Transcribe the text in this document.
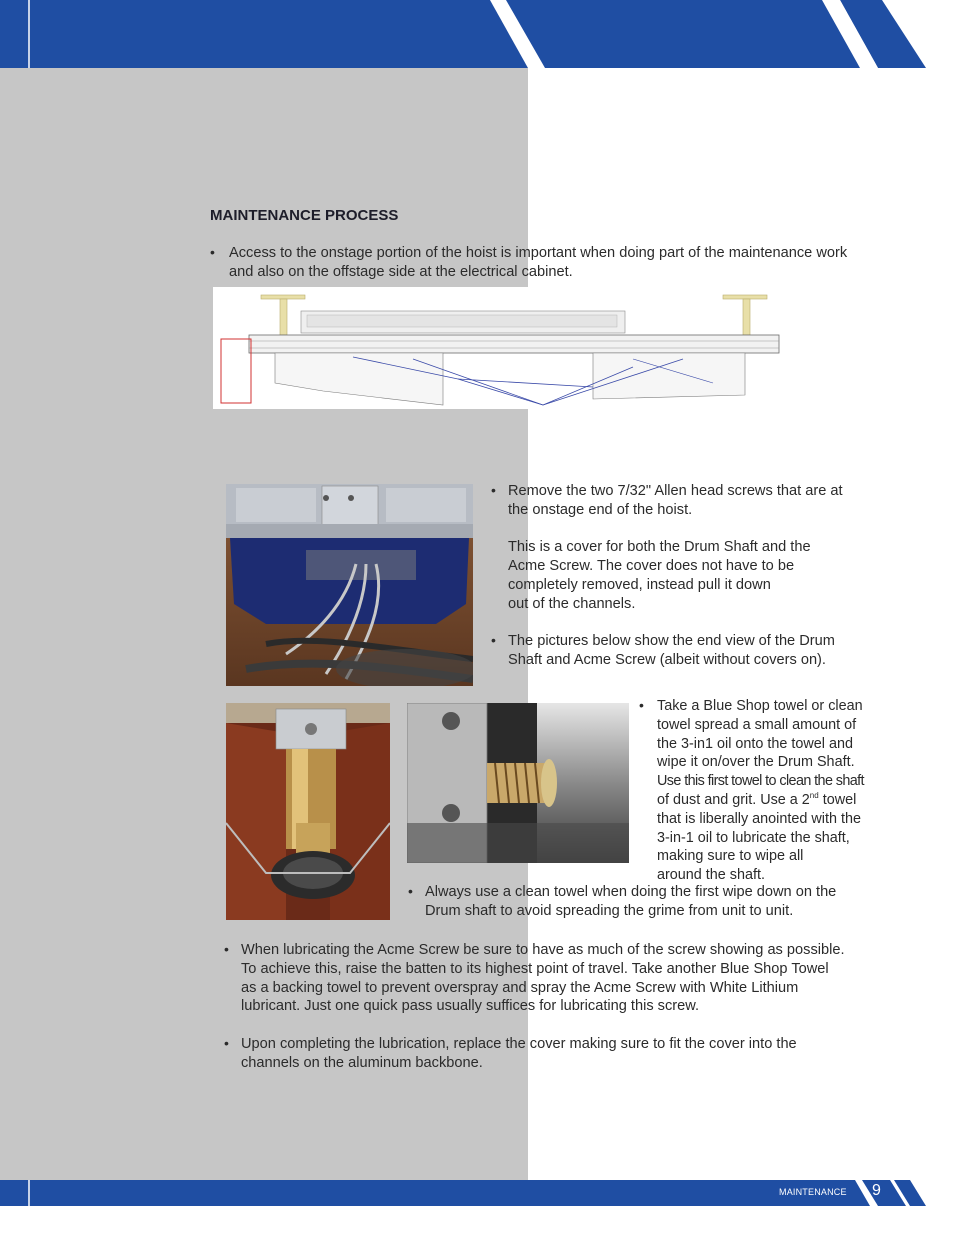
MAINTENANCE 9
MAINTENANCE PROCESS
• Access to the onstage portion of the hoist is important when doing part of the maintenance work
and also on the offstage side at the electrical cabinet.
• Remove the two 7/32" Allen head screws that are at
the onstage end of the hoist.
This is a cover for both the Drum Shaft and the
Acme Screw. The cover does not have to be
completely removed, instead pull it down
out of the channels.
• The pictures below show the end view of the Drum
Shaft and Acme Screw (albeit without covers on).
• Take a Blue Shop towel or clean
towel spread a small amount of
the 3-in1 oil onto the towel and
wipe it on/over the Drum Shaft.
Use this first towel to clean the shaft
of dust and grit. Use a 2nd towel
that is liberally anointed with the
3-in-1 oil to lubricate the shaft,
making sure to wipe all
around the shaft.
• Always use a clean towel when doing the first wipe down on the
Drum shaft to avoid spreading the grime from unit to unit.
• When lubricating the Acme Screw be sure to have as much of the screw showing as possible.
To achieve this, raise the batten to its highest point of travel. Take another Blue Shop Towel
as a backing towel to prevent overspray and spray the Acme Screw with White Lithium
lubricant. Just one quick pass usually suffices for lubricating this screw.
• Upon completing the lubrication, replace the cover making sure to fit the cover into the
channels on the aluminum backbone.
